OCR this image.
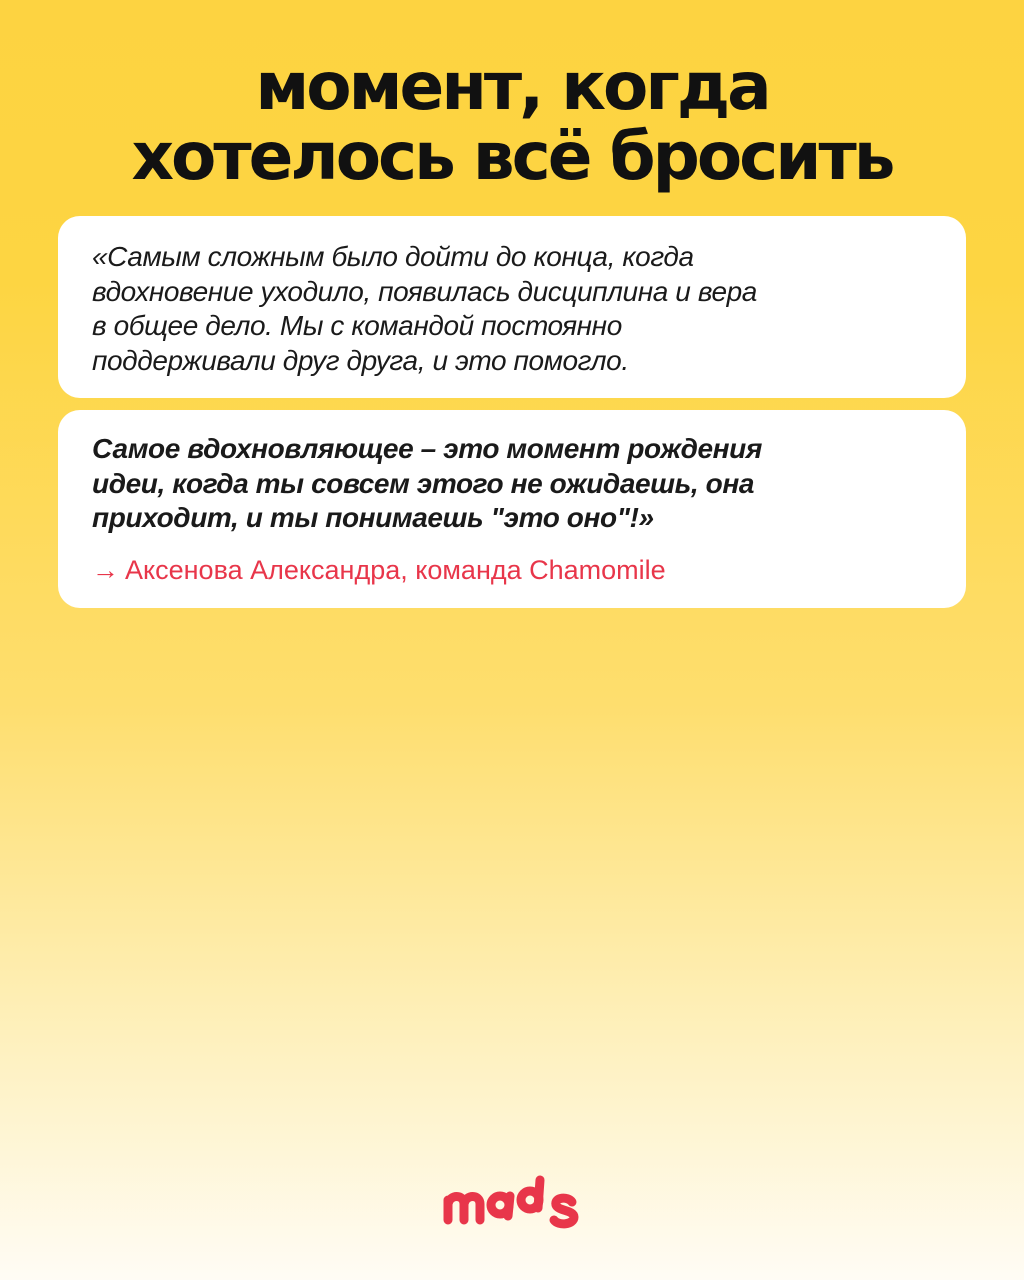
момент, когда
хотелось всё бросить

«Самым сложным было дойти до конца, когда
вдохновение уходило, появилась дисциплина и вера
в общее дело. Мы с командой постоянно
поддерживали друг друга, и это помогло.

Самое вдохновляющее – это момент рождения
идеи, когда ты совсем этого не ожидаешь, она
приходит, и ты понимаешь "это оно"!»

→ Аксенова Александра, команда Chamomile
